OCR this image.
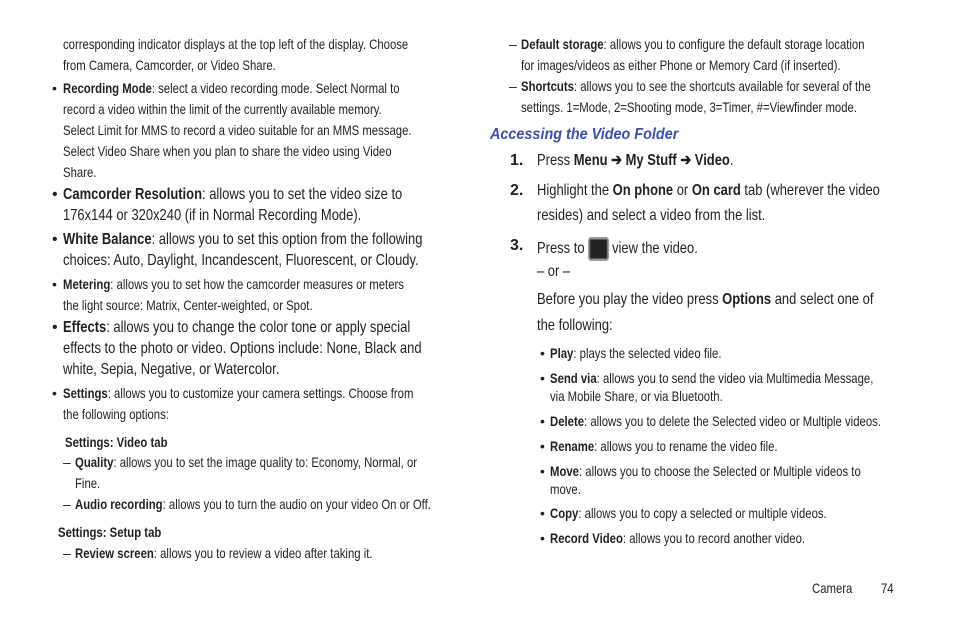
corresponding indicator displays at the top left of the display. Choose
from Camera, Camcorder, or Video Share.
• Recording Mode: select a video recording mode. Select Normal to
record a video within the limit of the currently available memory.
Select Limit for MMS to record a video suitable for an MMS message.
Select Video Share when you plan to share the video using Video
Share.
• Camcorder Resolution: allows you to set the video size to
176x144 or 320x240 (if in Normal Recording Mode).
• White Balance: allows you to set this option from the following
choices: Auto, Daylight, Incandescent, Fluorescent, or Cloudy.
• Metering: allows you to set how the camcorder measures or meters
the light source: Matrix, Center-weighted, or Spot.
• Effects: allows you to change the color tone or apply special
effects to the photo or video. Options include: None, Black and
white, Sepia, Negative, or Watercolor.
• Settings: allows you to customize your camera settings. Choose from
the following options:
Settings: Video tab
– Quality: allows you to set the image quality to: Economy, Normal, or
Fine.
– Audio recording: allows you to turn the audio on your video On or Off.
Settings: Setup tab
– Review screen: allows you to review a video after taking it.
– Default storage: allows you to configure the default storage location
for images/videos as either Phone or Memory Card (if inserted).
– Shortcuts: allows you to see the shortcuts available for several of the
settings. 1=Mode, 2=Shooting mode, 3=Timer, #=Viewfinder mode.
Accessing the Video Folder
1. Press Menu ➔ My Stuff ➔ Video.
2. Highlight the On phone or On card tab (wherever the video
resides) and select a video from the list.
3. Press to view the video.
– or –
Before you play the video press Options and select one of
the following:
• Play: plays the selected video file.
• Send via: allows you to send the video via Multimedia Message,
via Mobile Share, or via Bluetooth.
• Delete: allows you to delete the Selected video or Multiple videos.
• Rename: allows you to rename the video file.
• Move: allows you to choose the Selected or Multiple videos to
move.
• Copy: allows you to copy a selected or multiple videos.
• Record Video: allows you to record another video.
Camera 74
